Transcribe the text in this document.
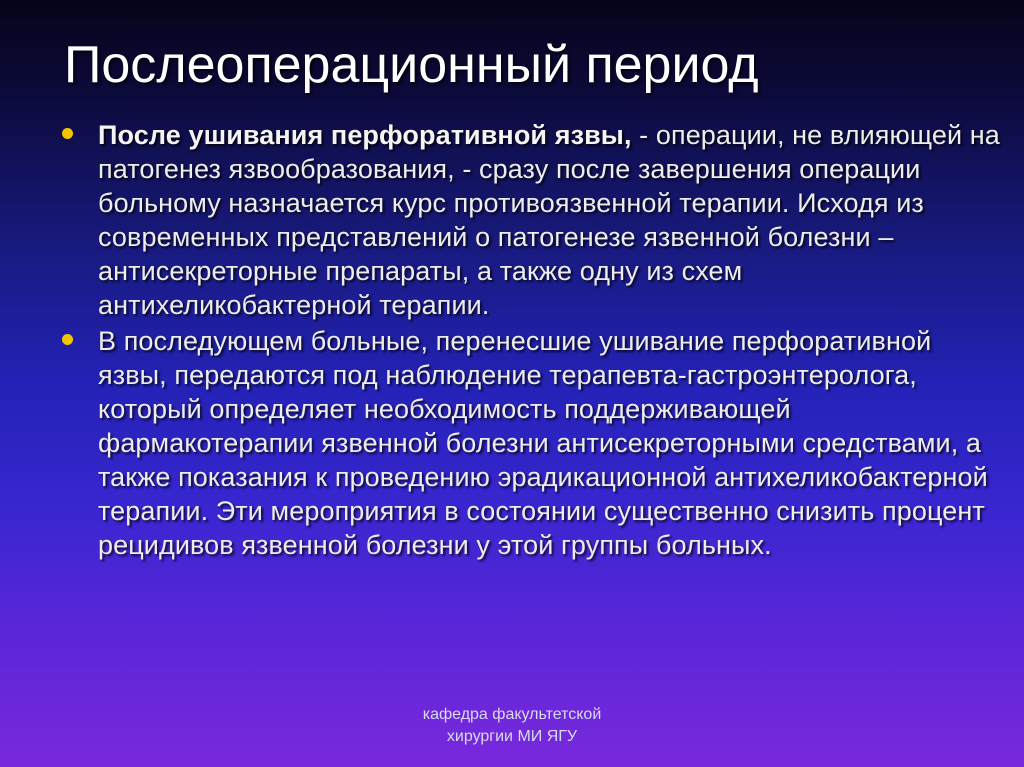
Послеоперационный период
После ушивания перфоративной язвы, - операции, не влияющей на патогенез язвообразования, - сразу после завершения операции больному назначается курс противоязвенной терапии. Исходя из современных представлений о патогенезе язвенной болезни – антисекреторные препараты, а также одну из схем антихеликобактерной терапии.
В последующем больные, перенесшие ушивание перфоративной язвы, передаются под наблюдение терапевта-гастроэнтеролога, который определяет необходимость поддерживающей фармакотерапии язвенной болезни антисекреторными средствами, а также показания к проведению эрадикационной антихеликобактерной терапии. Эти мероприятия в состоянии существенно снизить процент рецидивов язвенной болезни у этой группы больных.
кафедра факультетской
хирургии МИ ЯГУ
